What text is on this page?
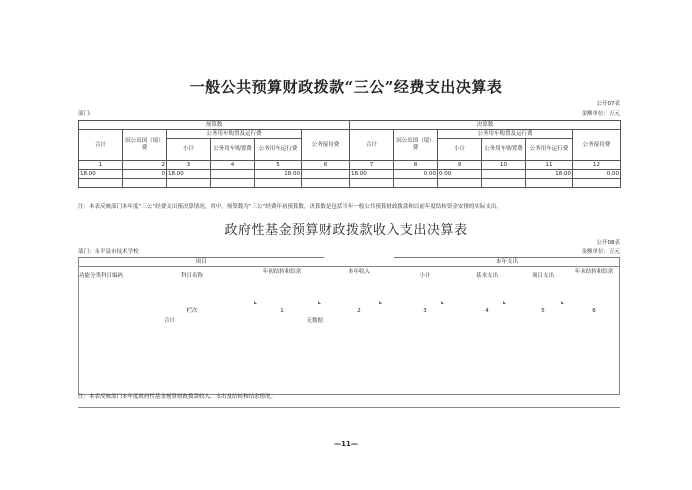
一般公共预算财政拨款“三公”经费支出决算表
公开07表
部门:	金额单位：万元
预算数						决算数					
合计	因公出国（境）费	公务用车购置及运行费			公务接待费	合计	因公出国（境）费	公务用车购置及运行费			公务接待费
		小计	公务用车购置费	公务用车运行费				小计	公务用车购置费	公务用车运行费	
1	2	3	4	5	6	7	8	9	10	11	12
18.00	0	18.00		18.00		18.00	0.00	0.00		18.00	0.00

注：本表反映部门本年度“三公”经费支出预决算情况。其中，预算数为“三公”经费年初预算数，决算数是包括当年一般公共预算财政拨款和以前年度结转资金安排的实际支出。
政府性基金预算财政拨款收入支出决算表
公开08表
部门：永平县市技术学校	金额单位：万元
项目				本年支出			
功能分类科目编码	科目名称	年初结转和结余	本年收入	小计	基本支出	项目支出	年末结转和结余
	栏次	1	2	3	4	5	6
	合计	无数据					

注：本表反映部门本年度政府性基金预算财政拨款收入、支出及结转和结余情况。
—11—
